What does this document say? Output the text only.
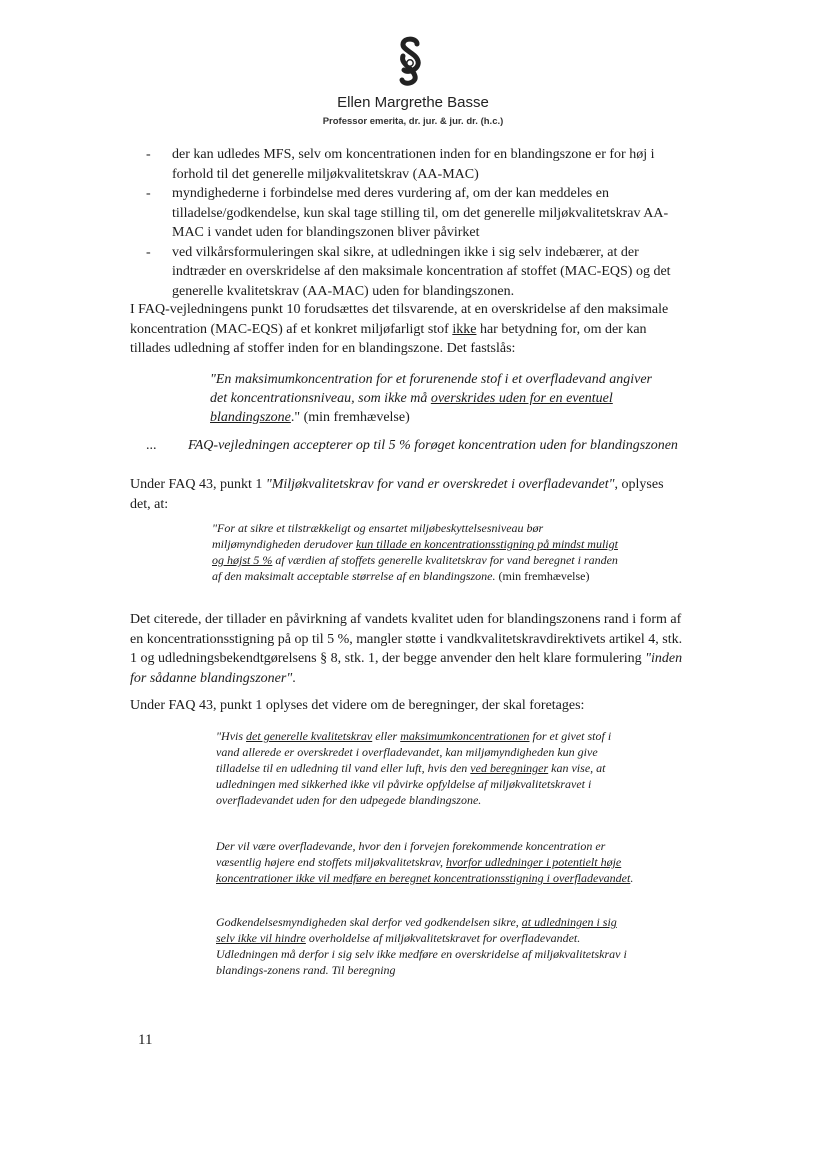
Ellen Margrethe Basse
Professor emerita, dr. jur. & jur. dr. (h.c.)
- der kan udledes MFS, selv om koncentrationen inden for en blandingszone er for høj i forhold til det generelle miljøkvalitetskrav (AA-MAC)
- myndighederne i forbindelse med deres vurdering af, om der kan meddeles en tilladelse/godkendelse, kun skal tage stilling til, om det generelle miljøkvalitetskrav AA-MAC i vandet uden for blandingszonen bliver påvirket
- ved vilkårsformuleringen skal sikre, at udledningen ikke i sig selv indebærer, at der indtræder en overskridelse af den maksimale koncentration af stoffet (MAC-EQS) og det generelle kvalitetskrav (AA-MAC) uden for blandingszonen.

I FAQ-vejledningens punkt 10 forudsættes det tilsvarende, at en overskridelse af den maksimale koncentration (MAC-EQS) af et konkret miljøfarligt stof ikke har betydning for, om der kan tillades udledning af stoffer inden for en blandingszone. Det fastslås:

"En maksimumkoncentration for et forurenende stof i et overfladevand angiver det koncentrationsniveau, som ikke må overskrides uden for en eventuel blandingszone." (min fremhævelse)

... FAQ-vejledningen accepterer op til 5 % forøget koncentration uden for blandingszonen

Under FAQ 43, punkt 1 "Miljøkvalitetskrav for vand er overskredet i overfladevandet", oplyses det, at:

"For at sikre et tilstrækkeligt og ensartet miljøbeskyttelsesniveau bør miljømyndigheden derudover kun tillade en koncentrationsstigning på mindst muligt og højst 5 % af værdien af stoffets generelle kvalitetskrav for vand beregnet i randen af den maksimalt acceptable størrelse af en blandingszone. (min fremhævelse)

Det citerede, der tillader en påvirkning af vandets kvalitet uden for blandingszonens rand i form af en koncentrationsstigning på op til 5 %, mangler støtte i vandkvalitetskravdirektivets artikel 4, stk. 1 og udledningsbekendtgørelsens § 8, stk. 1, der begge anvender den helt klare formulering "inden for sådanne blandingszoner".

Under FAQ 43, punkt 1 oplyses det videre om de beregninger, der skal foretages:

"Hvis det generelle kvalitetskrav eller maksimumkoncentrationen for et givet stof i vand allerede er overskredet i overfladevandet, kan miljømyndigheden kun give tilladelse til en udledning til vand eller luft, hvis den ved beregninger kan vise, at udledningen med sikkerhed ikke vil påvirke opfyldelse af miljøkvalitetskravet i overfladevandet uden for den udpegede blandingszone.

Der vil være overfladevande, hvor den i forvejen forekommende koncentration er væsentlig højere end stoffets miljøkvalitetskrav, hvorfor udledninger i potentielt høje koncentrationer ikke vil medføre en beregnet koncentrationsstigning i overfladevandet.

Godkendelsesmyndigheden skal derfor ved godkendelsen sikre, at udledningen i sig selv ikke vil hindre overholdelse af miljøkvalitetskravet for overfladevandet. Udledningen må derfor i sig selv ikke medføre en overskridelse af miljøkvalitetskrav i blandings-zonens rand. Til beregning

11
